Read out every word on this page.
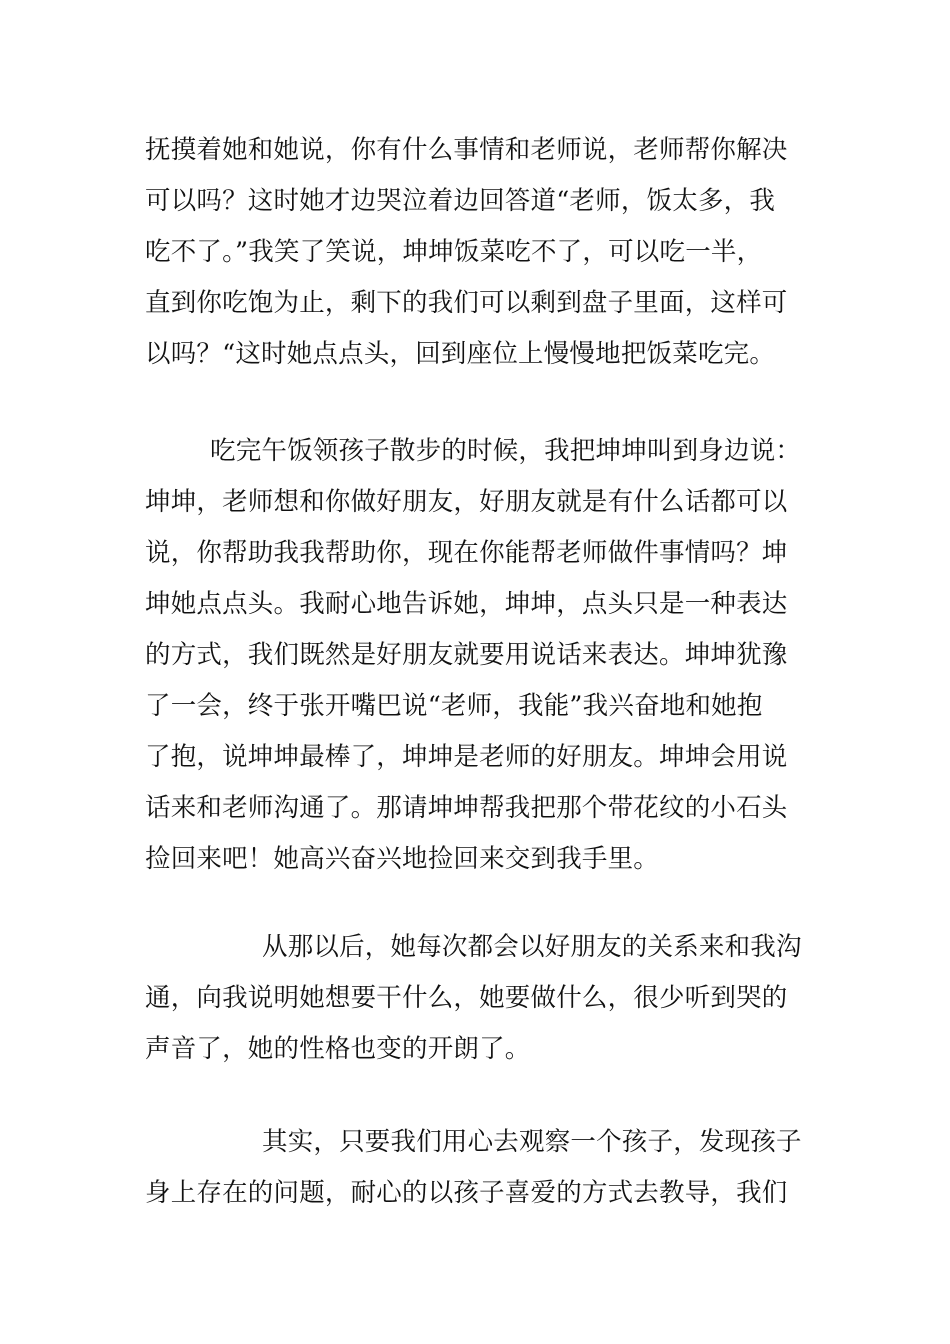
抚摸着她和她说，你有什么事情和老师说，老师帮你解决
可以吗？这时她才边哭泣着边回答道“老师，饭太多，我
吃不了。”我笑了笑说，坤坤饭菜吃不了，可以吃一半，
直到你吃饱为止，剩下的我们可以剩到盘子里面，这样可
以吗？“这时她点点头，回到座位上慢慢地把饭菜吃完。
吃完午饭领孩子散步的时候，我把坤坤叫到身边说：
坤坤，老师想和你做好朋友，好朋友就是有什么话都可以
说，你帮助我我帮助你，现在你能帮老师做件事情吗？坤
坤她点点头。我耐心地告诉她，坤坤，点头只是一种表达
的方式，我们既然是好朋友就要用说话来表达。坤坤犹豫
了一会，终于张开嘴巴说“老师，我能”我兴奋地和她抱
了抱，说坤坤最棒了，坤坤是老师的好朋友。坤坤会用说
话来和老师沟通了。那请坤坤帮我把那个带花纹的小石头
捡回来吧！她高兴奋兴地捡回来交到我手里。
从那以后，她每次都会以好朋友的关系来和我沟
通，向我说明她想要干什么，她要做什么，很少听到哭的
声音了，她的性格也变的开朗了。
其实，只要我们用心去观察一个孩子，发现孩子
身上存在的问题，耐心的以孩子喜爱的方式去教导，我们
